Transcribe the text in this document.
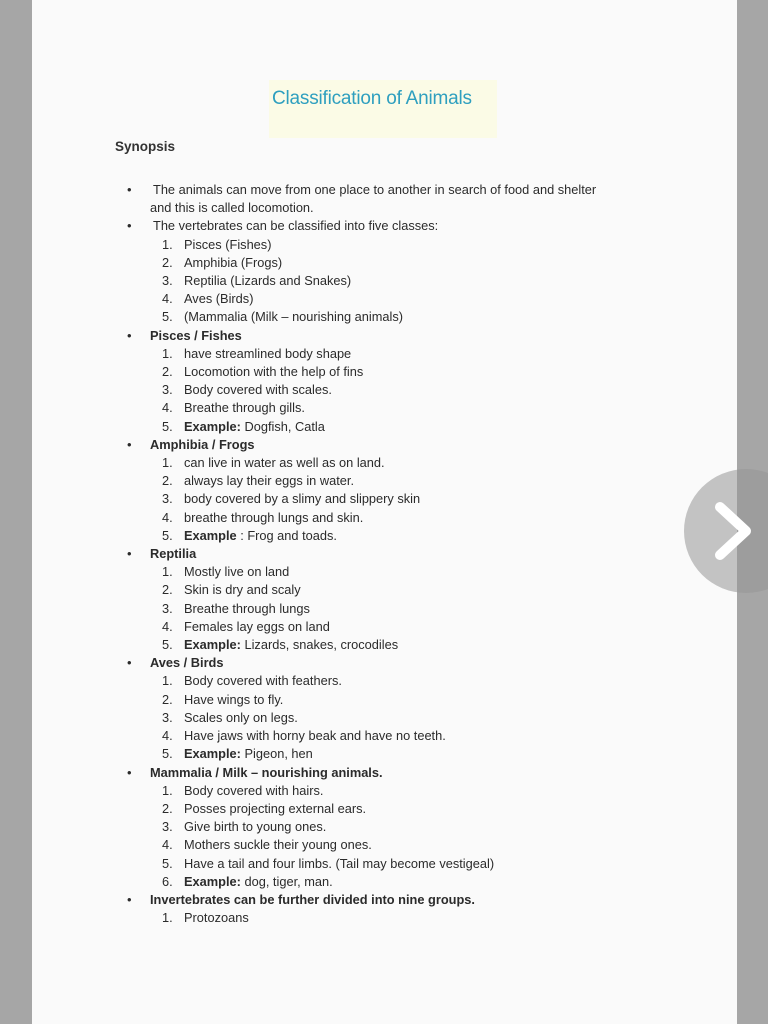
Classification of Animals
Synopsis
• The animals can move from one place to another in search of food and shelter
and this is called locomotion.
• The vertebrates can be classified into five classes:
1. Pisces (Fishes)
2. Amphibia (Frogs)
3. Reptilia (Lizards and Snakes)
4. Aves (Birds)
5. (Mammalia (Milk – nourishing animals)
• Pisces / Fishes
1. have streamlined body shape
2. Locomotion with the help of fins
3. Body covered with scales.
4. Breathe through gills.
5. Example: Dogfish, Catla
• Amphibia / Frogs
1. can live in water as well as on land.
2. always lay their eggs in water.
3. body covered by a slimy and slippery skin
4. breathe through lungs and skin.
5. Example : Frog and toads.
• Reptilia
1. Mostly live on land
2. Skin is dry and scaly
3. Breathe through lungs
4. Females lay eggs on land
5. Example: Lizards, snakes, crocodiles
• Aves / Birds
1. Body covered with feathers.
2. Have wings to fly.
3. Scales only on legs.
4. Have jaws with horny beak and have no teeth.
5. Example: Pigeon, hen
• Mammalia / Milk – nourishing animals.
1. Body covered with hairs.
2. Posses projecting external ears.
3. Give birth to young ones.
4. Mothers suckle their young ones.
5. Have a tail and four limbs. (Tail may become vestigeal)
6. Example: dog, tiger, man.
• Invertebrates can be further divided into nine groups.
1. Protozoans
